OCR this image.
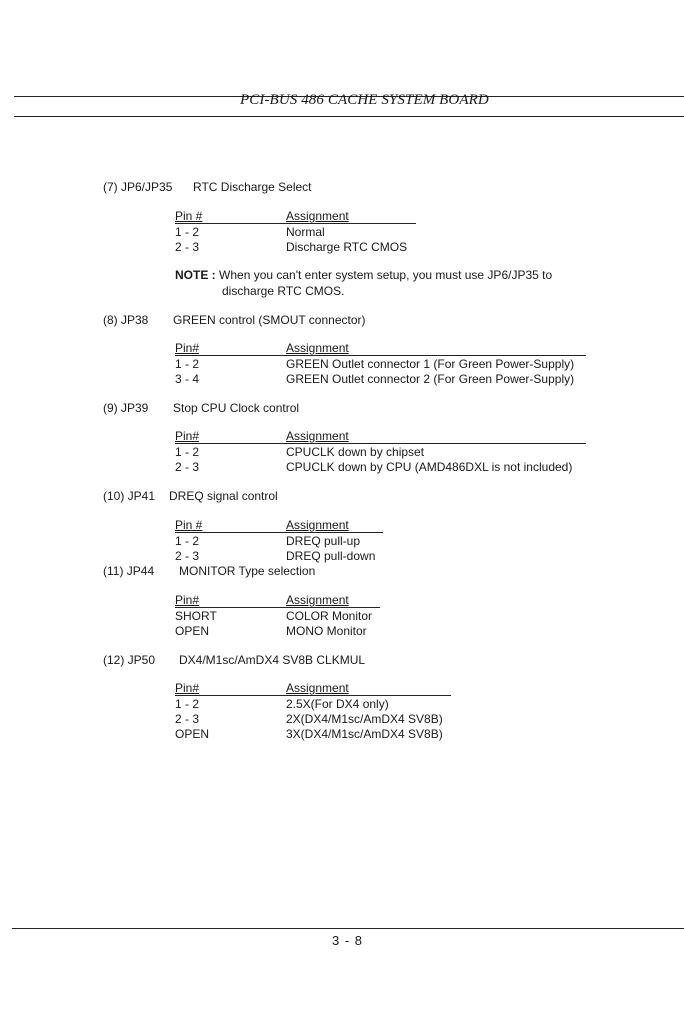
PCI-BUS 486 CACHE SYSTEM BOARD
(7) JP6/JP35 RTC Discharge Select
Pin #	Assignment
1 - 2	Normal
2 - 3	Discharge RTC CMOS
NOTE : When you can't enter system setup, you must use JP6/JP35 to
discharge RTC CMOS.
(8) JP38 GREEN control (SMOUT connector)
Pin#	Assignment
1 - 2	GREEN Outlet connector 1 (For Green Power-Supply)
3 - 4	GREEN Outlet connector 2 (For Green Power-Supply)
(9) JP39 Stop CPU Clock control
Pin#	Assignment
1 - 2	CPUCLK down by chipset
2 - 3	CPUCLK down by CPU (AMD486DXL is not included)
(10) JP41 DREQ signal control
Pin #	Assignment
1 - 2	DREQ pull-up
2 - 3	DREQ pull-down
(11) JP44 MONITOR Type selection
Pin#	Assignment
SHORT	COLOR Monitor
OPEN	MONO Monitor
(12) JP50 DX4/M1sc/AmDX4 SV8B CLKMUL
Pin#	Assignment
1 - 2	2.5X(For DX4 only)
2 - 3	2X(DX4/M1sc/AmDX4 SV8B)
OPEN	3X(DX4/M1sc/AmDX4 SV8B)
3 - 8
